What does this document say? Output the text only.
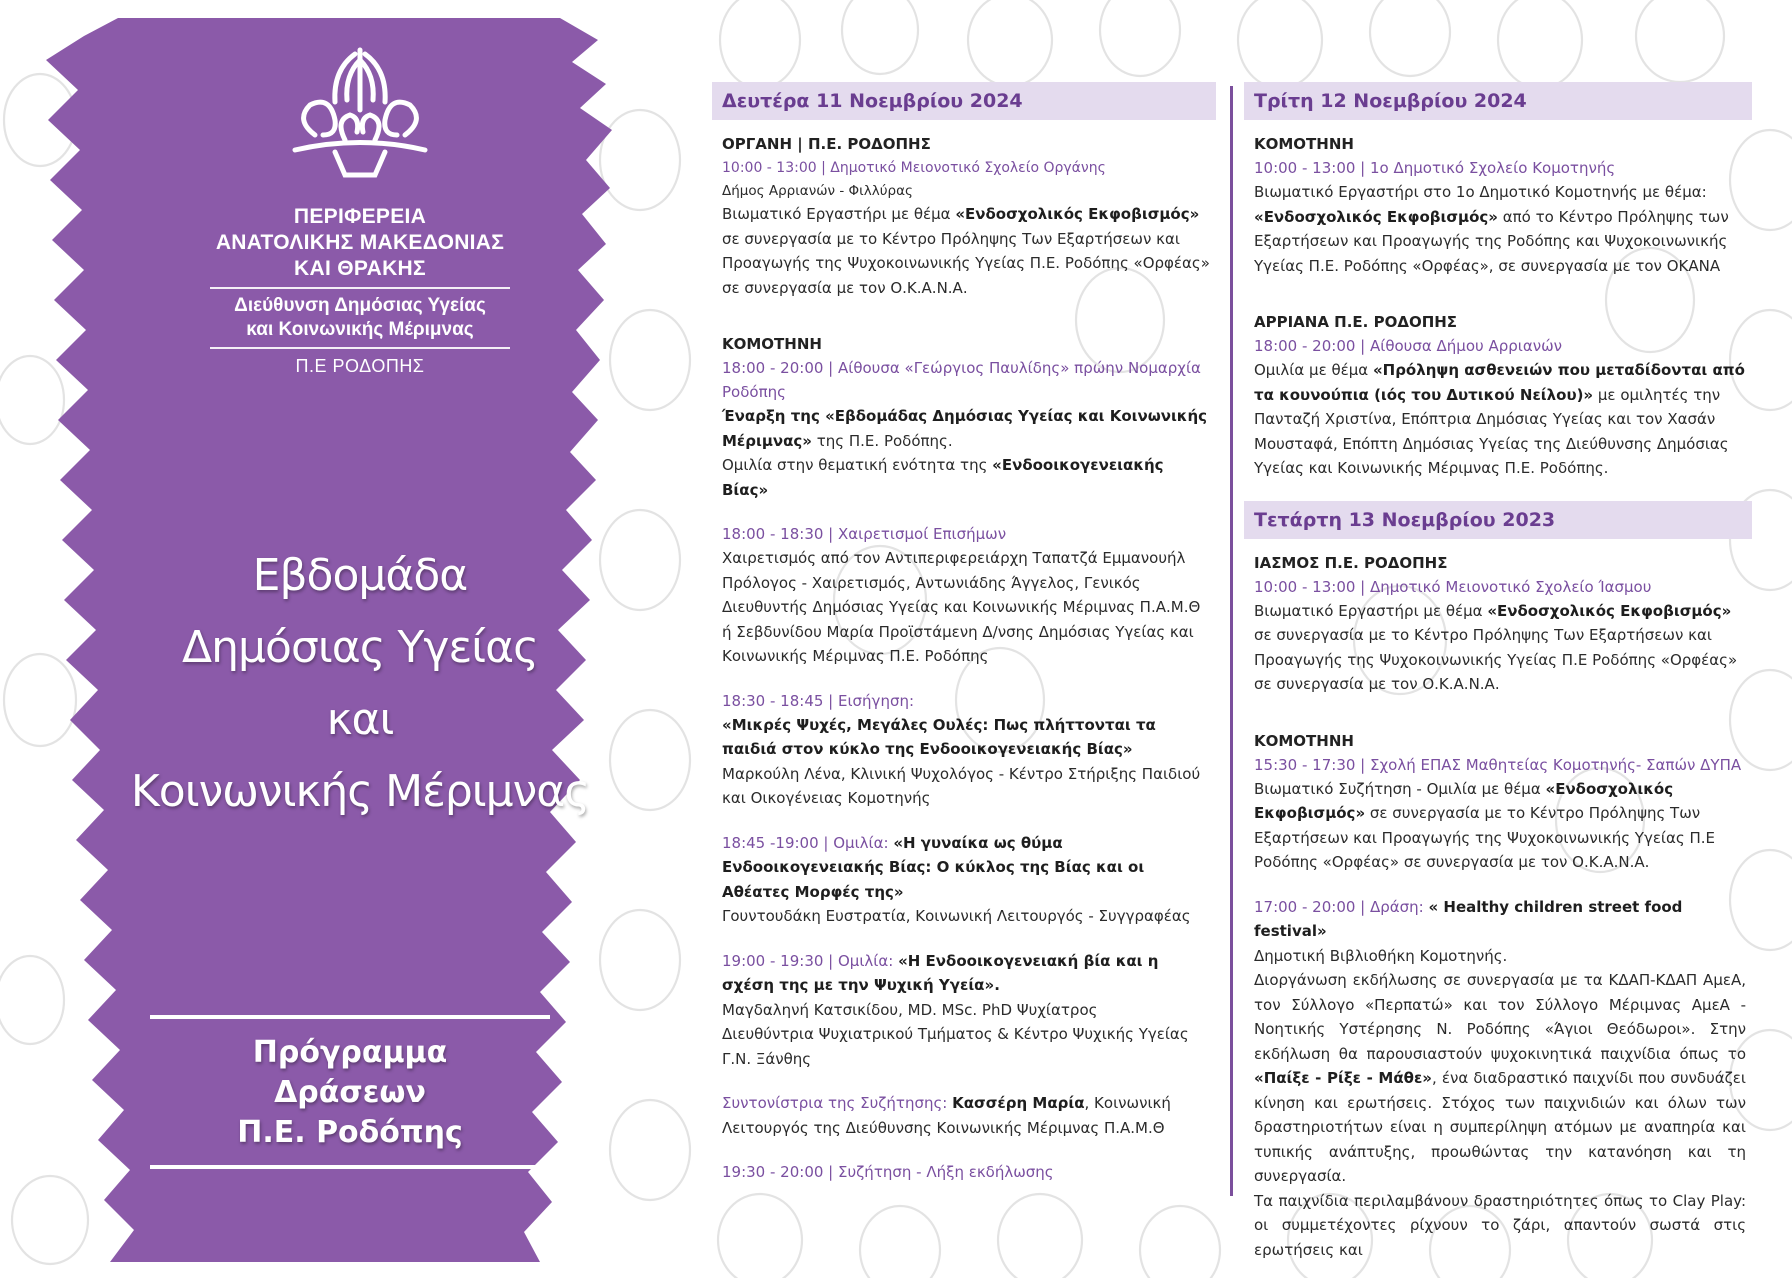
ΠΕΡΙΦΕΡΕΙΑ
ΑΝΑΤΟΛΙΚΗΣ ΜΑΚΕΔΟΝΙΑΣ
ΚΑΙ ΘΡΑΚΗΣ
Διεύθυνση Δημόσιας Υγείας
και Κοινωνικής Μέριμνας
Π.Ε ΡΟΔΟΠΗΣ
Εβδομάδα
Δημόσιας Υγείας
και
Κοινωνικής Μέριμνας
Πρόγραμμα
Δράσεων
Π.Ε. Ροδόπης
Δευτέρα 11 Νοεμβρίου 2024
ΟΡΓΑΝΗ | Π.Ε. ΡΟΔΟΠΗΣ
10:00 - 13:00 | Δημοτικό Μειονοτικό Σχολείο Οργάνης
Δήμος Αρριανών - Φιλλύρας
Βιωματικό Εργαστήρι με θέμα «Ενδοσχολικός Εκφοβισμός» σε συνεργασία με το Κέντρο Πρόληψης Των Εξαρτήσεων και Προαγωγής της Ψυχοκοινωνικής Υγείας Π.Ε. Ροδόπης «Ορφέας» σε συνεργασία με τον Ο.Κ.Α.Ν.Α.
ΚΟΜΟΤΗΝΗ
18:00 - 20:00 | Αίθουσα «Γεώργιος Παυλίδης» πρώην Νομαρχία Ροδόπης
Έναρξη της «Εβδομάδας Δημόσιας Υγείας και Κοινωνικής Μέριμνας» της Π.Ε. Ροδόπης.
Ομιλία στην θεματική ενότητα της «Ενδοοικογενειακής Βίας»
18:00 - 18:30 | Χαιρετισμοί Επισήμων
Χαιρετισμός από τον Αντιπεριφερειάρχη Ταπατζά Εμμανουήλ Πρόλογος - Χαιρετισμός, Αντωνιάδης Άγγελος, Γενικός Διευθυντής Δημόσιας Υγείας και Κοινωνικής Μέριμνας Π.Α.Μ.Θ ή Σεβδυνίδου Μαρία Προϊστάμενη Δ/νσης Δημόσιας Υγείας και Κοινωνικής Μέριμνας Π.Ε. Ροδόπης
18:30 - 18:45 | Εισήγηση:
«Μικρές Ψυχές, Μεγάλες Ουλές: Πως πλήττονται τα παιδιά στον κύκλο της Ενδοοικογενειακής Βίας» Μαρκούλη Λένα, Κλινική Ψυχολόγος - Κέντρο Στήριξης Παιδιού και Οικογένειας Κομοτηνής
18:45 -19:00 | Ομιλία: «Η γυναίκα ως θύμα Ενδοοικογενειακής Βίας: Ο κύκλος της Βίας και οι Αθέατες Μορφές της»
Γουντουδάκη Ευστρατία, Κοινωνική Λειτουργός - Συγγραφέας
19:00 - 19:30 | Ομιλία: «Η Ενδοοικογενειακή βία και η σχέση της με την Ψυχική Υγεία».
Μαγδαληνή Κατσικίδου, MD. MSc. PhD Ψυχίατρος
Διευθύντρια Ψυχιατρικού Τμήματος & Κέντρο Ψυχικής Υγείας Γ.Ν. Ξάνθης
Συντονίστρια της Συζήτησης: Κασσέρη Μαρία, Κοινωνική Λειτουργός της Διεύθυνσης Κοινωνικής Μέριμνας Π.Α.Μ.Θ
19:30 - 20:00 | Συζήτηση - Λήξη εκδήλωσης
Τρίτη 12 Νοεμβρίου 2024
ΚΟΜΟΤΗΝΗ
10:00 - 13:00 | 1ο Δημοτικό Σχολείο Κομοτηνής
Βιωματικό Εργαστήρι στο 1ο Δημοτικό Κομοτηνής με θέμα: «Ενδοσχολικός Εκφοβισμός» από το Κέντρο Πρόληψης των Εξαρτήσεων και Προαγωγής της Ροδόπης και Ψυχοκοινωνικής Υγείας Π.Ε. Ροδόπης «Ορφέας», σε συνεργασία με τον ΟΚΑΝΑ
ΑΡΡΙΑΝΑ Π.Ε. ΡΟΔΟΠΗΣ
18:00 - 20:00 | Αίθουσα Δήμου Αρριανών
Ομιλία με θέμα «Πρόληψη ασθενειών που μεταδίδονται από τα κουνούπια (ιός του Δυτικού Νείλου)» με ομιλητές την Πανταζή Χριστίνα, Επόπτρια Δημόσιας Υγείας και τον Χασάν Μουσταφά, Επόπτη Δημόσιας Υγείας της Διεύθυνσης Δημόσιας Υγείας και Κοινωνικής Μέριμνας Π.Ε. Ροδόπης.
Τετάρτη 13 Νοεμβρίου 2023
ΙΑΣΜΟΣ Π.Ε. ΡΟΔΟΠΗΣ
10:00 - 13:00 | Δημοτικό Μειονοτικό Σχολείο Ίασμου
Βιωματικό Εργαστήρι με θέμα «Ενδοσχολικός Εκφοβισμός» σε συνεργασία με το Κέντρο Πρόληψης Των Εξαρτήσεων και Προαγωγής της Ψυχοκοινωνικής Υγείας Π.Ε Ροδόπης «Ορφέας» σε συνεργασία με τον Ο.Κ.Α.Ν.Α.
ΚΟΜΟΤΗΝΗ
15:30 - 17:30 | Σχολή ΕΠΑΣ Μαθητείας Κομοτηνής- Σαπών ΔΥΠΑ
Βιωματικό Συζήτηση - Ομιλία με θέμα «Ενδοσχολικός Εκφοβισμός» σε συνεργασία με το Κέντρο Πρόληψης Των Εξαρτήσεων και Προαγωγής της Ψυχοκοινωνικής Υγείας Π.Ε Ροδόπης «Ορφέας» σε συνεργασία με τον Ο.Κ.Α.Ν.Α.
17:00 - 20:00 | Δράση: « Healthy children street food festival»
Δημοτική Βιβλιοθήκη Κομοτηνής.
Διοργάνωση εκδήλωσης σε συνεργασία με τα ΚΔΑΠ-ΚΔΑΠ ΑμεΑ, τον Σύλλογο «Περπατώ» και τον Σύλλογο Μέριμνας ΑμεΑ - Νοητικής Υστέρησης Ν. Ροδόπης «Άγιοι Θεόδωροι». Στην εκδήλωση θα παρουσιαστούν ψυχοκινητικά παιχνίδια όπως το «Παίξε - Ρίξε - Μάθε», ένα διαδραστικό παιχνίδι που συνδυάζει κίνηση και ερωτήσεις. Στόχος των παιχνιδιών και όλων των δραστηριοτήτων είναι η συμπερίληψη ατόμων με αναπηρία και τυπικής ανάπτυξης, προωθώντας την κατανόηση και τη συνεργασία.
Τα παιχνίδια περιλαμβάνουν δραστηριότητες όπως το Clay Play: οι συμμετέχοντες ρίχνουν το ζάρι, απαντούν σωστά στις ερωτήσεις και
